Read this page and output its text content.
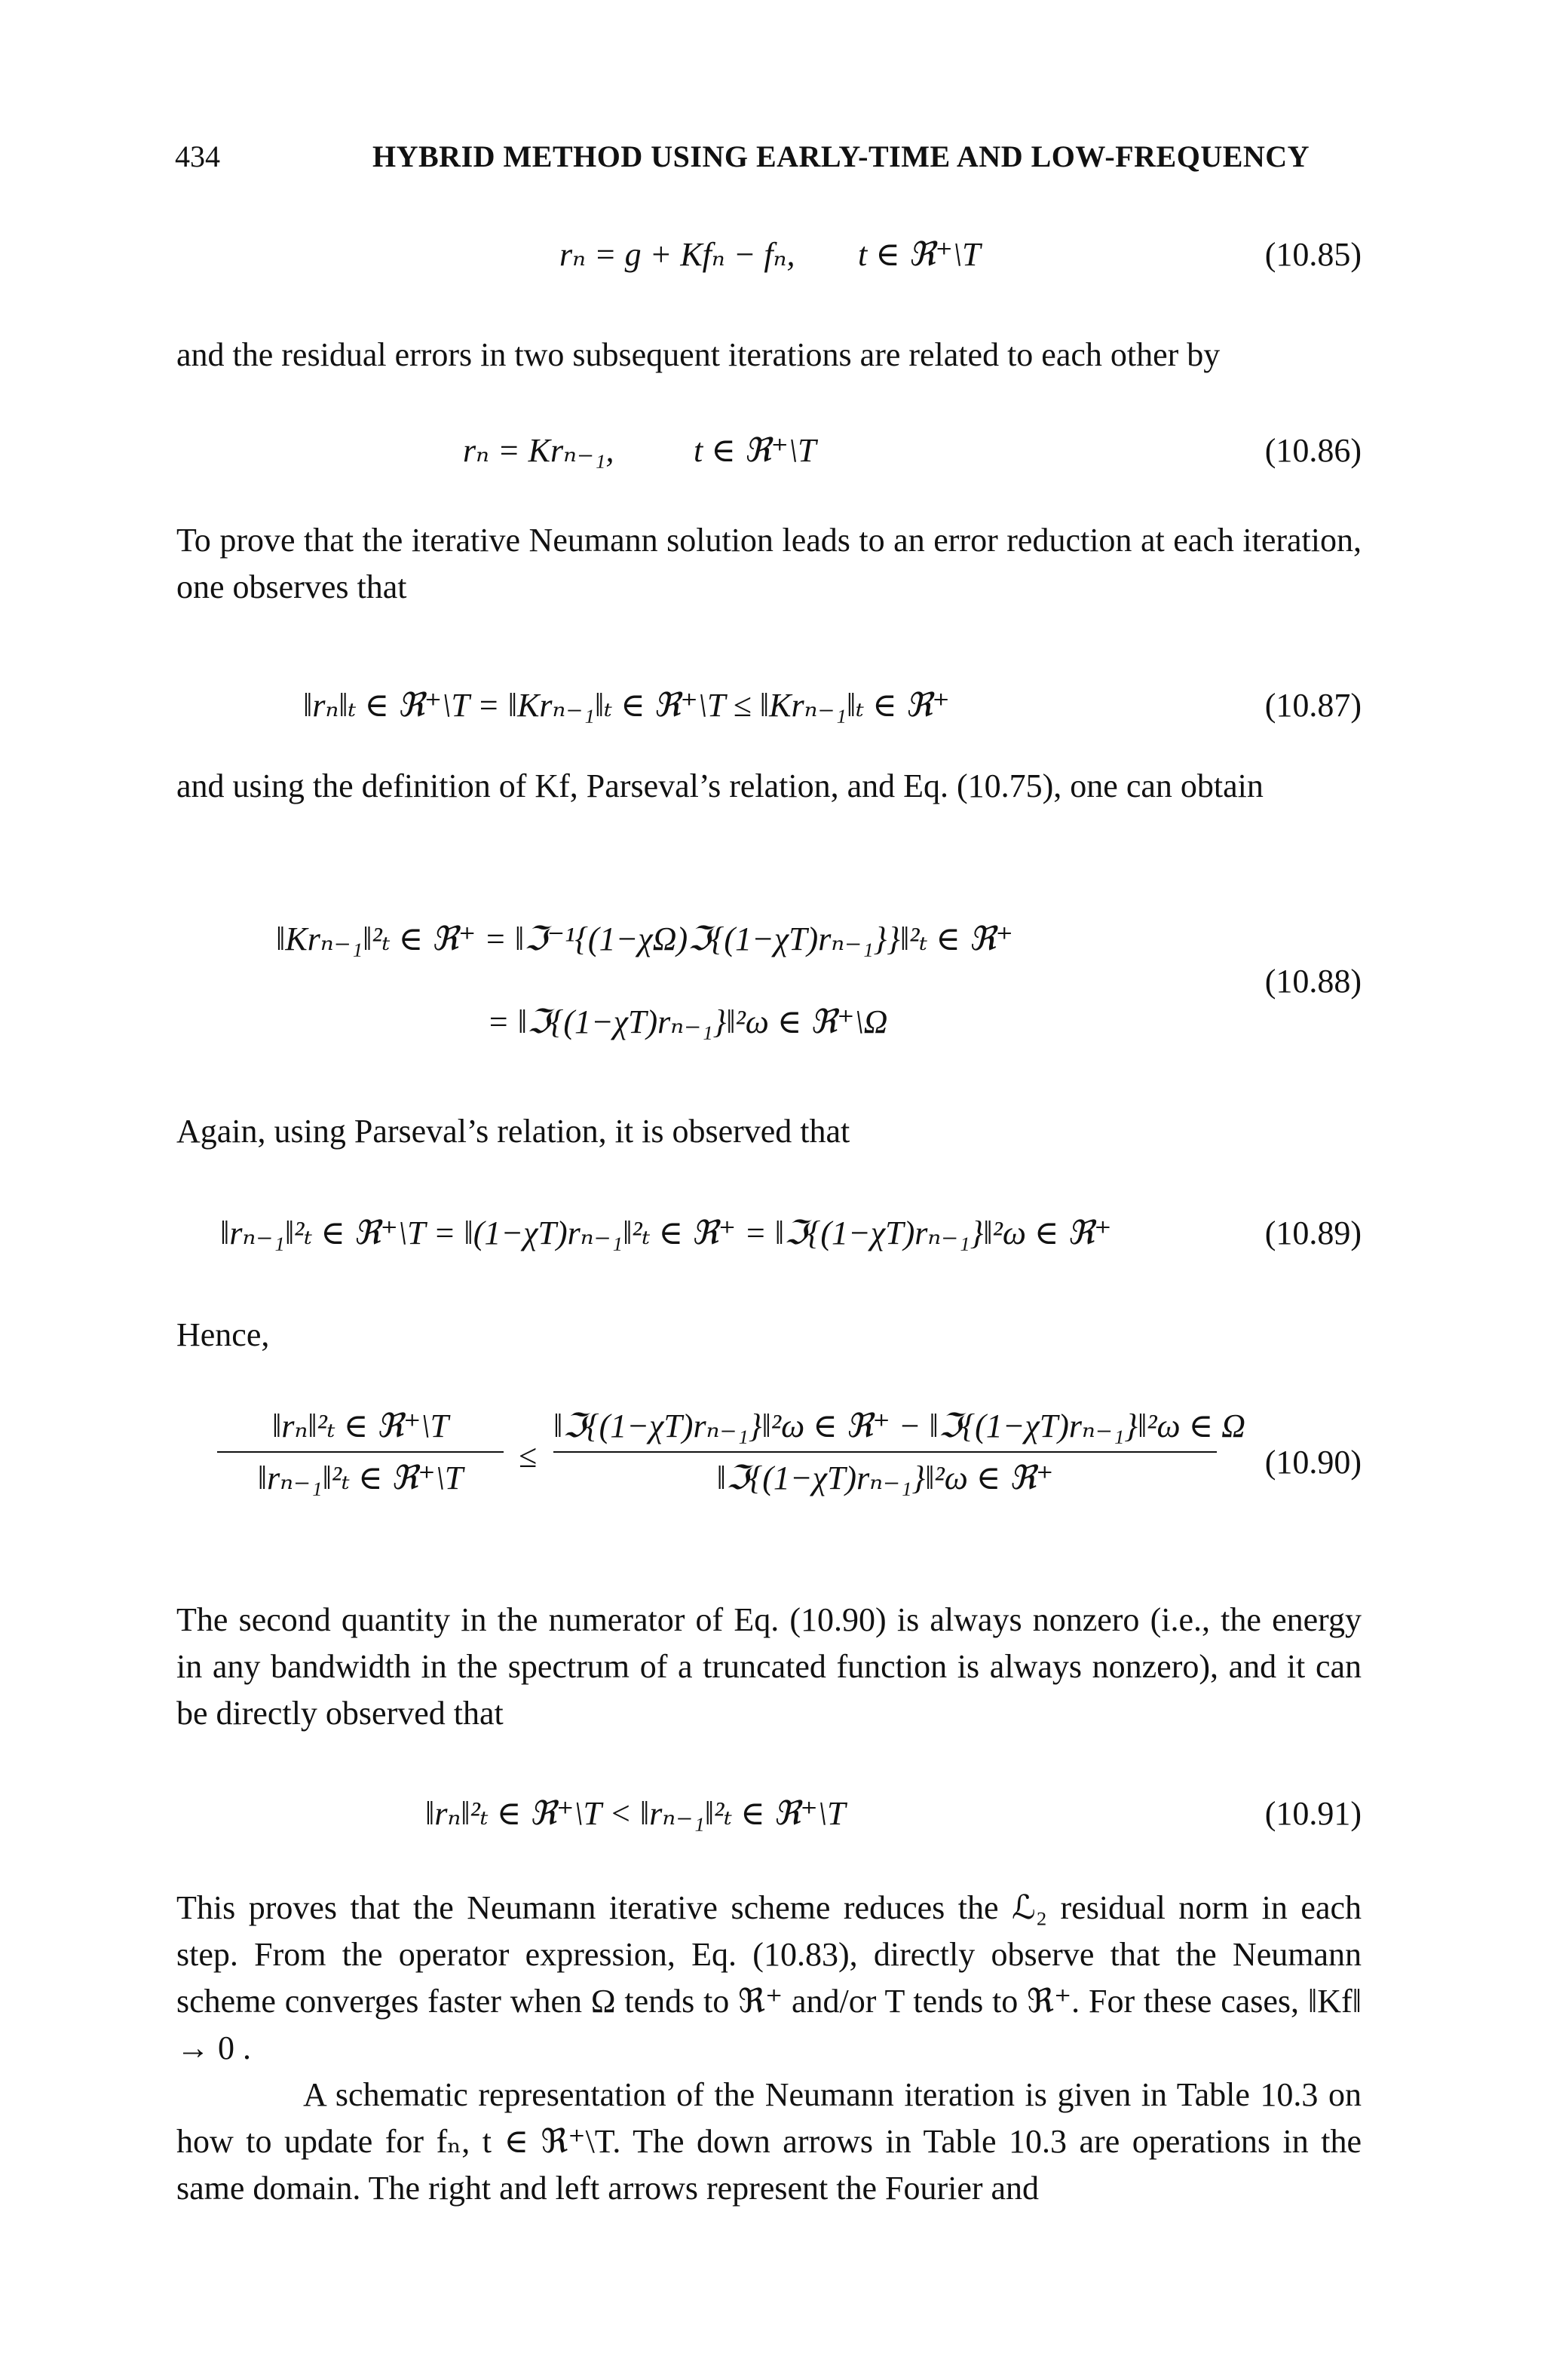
434	HYBRID METHOD USING EARLY-TIME AND LOW-FREQUENCY
rₙ = g + Kfₙ − fₙ, t ∈ ℜ⁺\T	(10.85)

and the residual errors in two subsequent iterations are related to each other by

rₙ = Krₙ₋₁, t ∈ ℜ⁺\T	(10.86)

To prove that the iterative Neumann solution leads to an error reduction at each iteration, one observes that

‖rₙ‖ₜ ∈ ℜ⁺\T = ‖Krₙ₋₁‖ₜ ∈ ℜ⁺\T ≤ ‖Krₙ₋₁‖ₜ ∈ ℜ⁺	(10.87)

and using the definition of Kf, Parseval’s relation, and Eq. (10.75), one can obtain

‖Krₙ₋₁‖²ₜ ∈ ℜ⁺ = ‖ℑ⁻¹{(1−χΩ)ℑ{(1−χT)rₙ₋₁}}‖²ₜ ∈ ℜ⁺
= ‖ℑ{(1−χT)rₙ₋₁}‖²ω ∈ ℜ⁺\Ω
(10.88)

Again, using Parseval’s relation, it is observed that

‖rₙ₋₁‖²ₜ ∈ ℜ⁺\T = ‖(1−χT)rₙ₋₁‖²ₜ ∈ ℜ⁺ = ‖ℑ{(1−χT)rₙ₋₁}‖²ω ∈ ℜ⁺	(10.89)

Hence,

‖rₙ‖²ₜ ∈ ℜ⁺\T
‖rₙ₋₁‖²ₜ ∈ ℜ⁺\T
≤
‖ℑ{(1−χT)rₙ₋₁}‖²ω ∈ ℜ⁺ − ‖ℑ{(1−χT)rₙ₋₁}‖²ω ∈ Ω
‖ℑ{(1−χT)rₙ₋₁}‖²ω ∈ ℜ⁺	(10.90)

The second quantity in the numerator of Eq. (10.90) is always nonzero (i.e., the energy in any bandwidth in the spectrum of a truncated function is always nonzero), and it can be directly observed that

‖rₙ‖²ₜ ∈ ℜ⁺\T < ‖rₙ₋₁‖²ₜ ∈ ℜ⁺\T	(10.91)

This proves that the Neumann iterative scheme reduces the ℒ₂ residual norm in each step. From the operator expression, Eq. (10.83), directly observe that the Neumann scheme converges faster when Ω tends to ℜ⁺ and/or T tends to ℜ⁺. For these cases, ‖Kf‖ → 0 .

A schematic representation of the Neumann iteration is given in Table 10.3 on how to update for fₙ, t ∈ ℜ⁺\T. The down arrows in Table 10.3 are operations in the same domain. The right and left arrows represent the Fourier and
